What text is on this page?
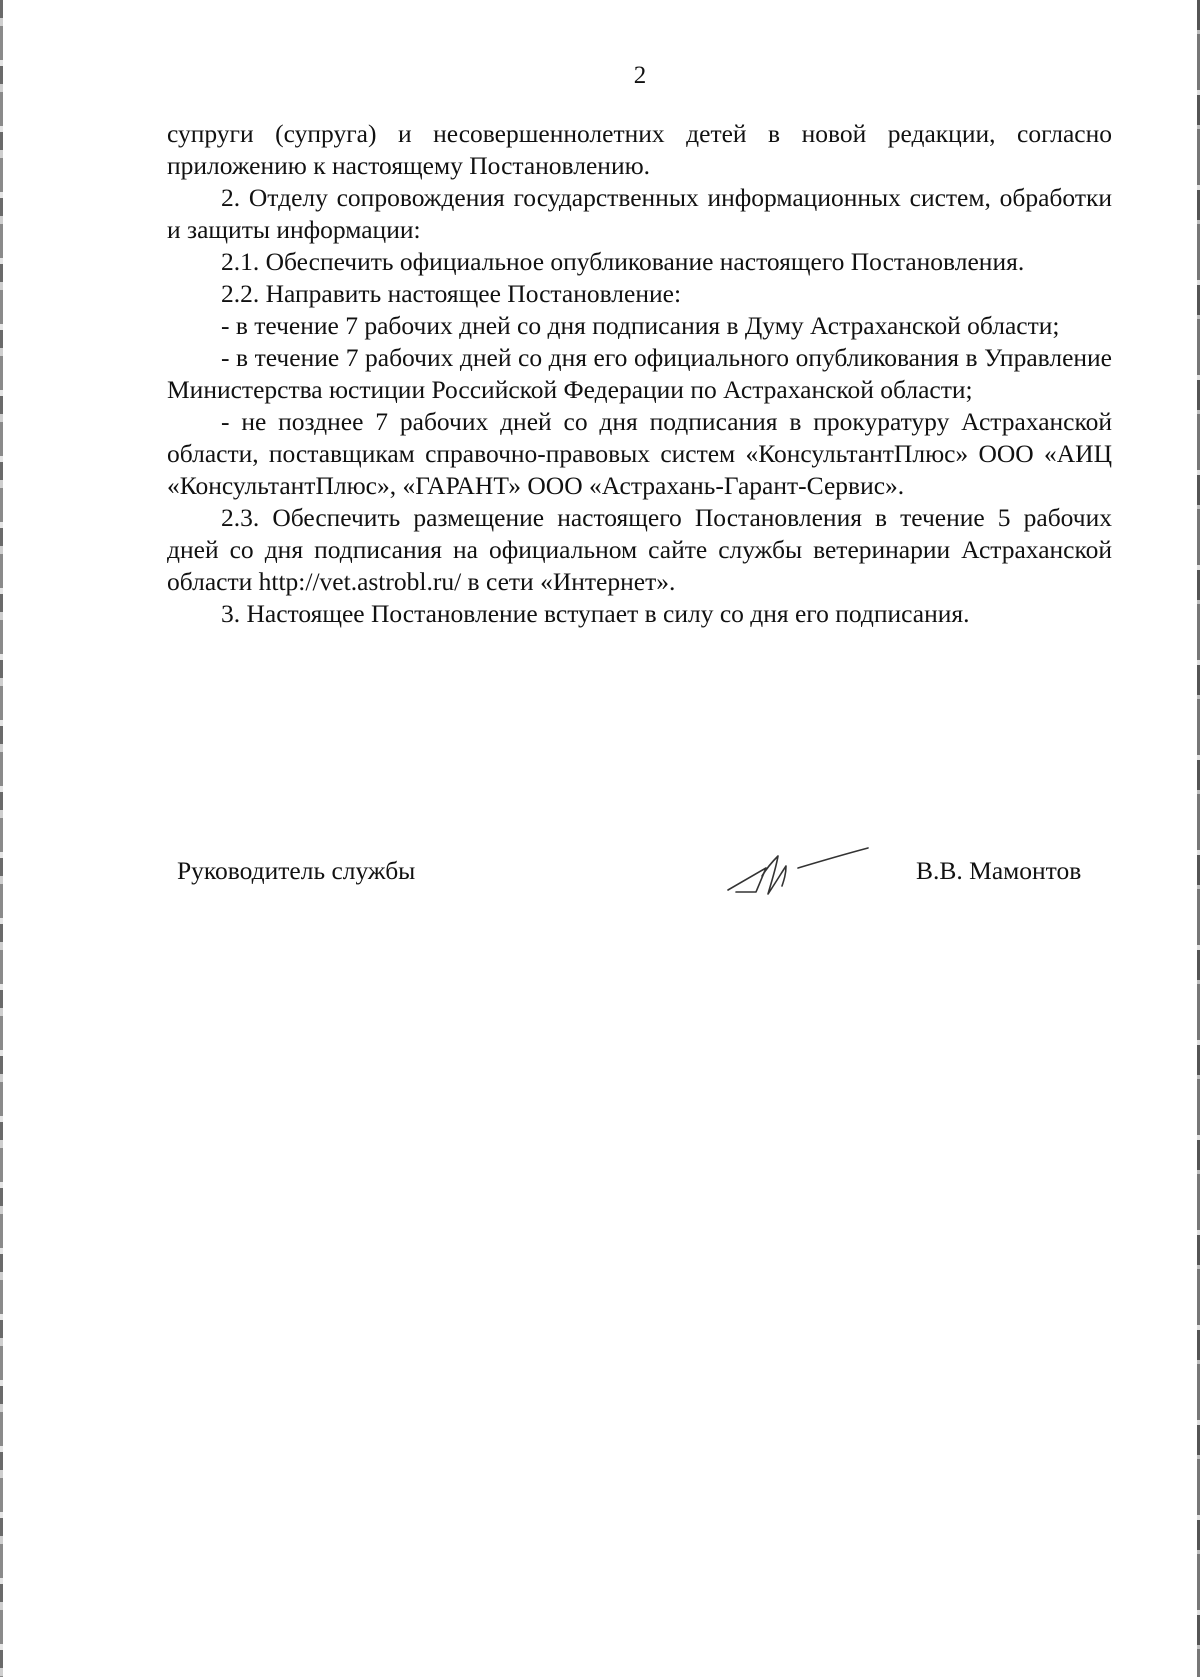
2

супруги (супруга) и несовершеннолетних детей в новой редакции, согласно приложению к настоящему Постановлению.

2. Отделу сопровождения государственных информационных систем, обработки и защиты информации:

2.1. Обеспечить официальное опубликование настоящего Постановления.

2.2. Направить настоящее Постановление:

- в течение 7 рабочих дней со дня подписания в Думу Астраханской области;

- в течение 7 рабочих дней со дня его официального опубликования в Управление Министерства юстиции Российской Федерации по Астраханской области;

- не позднее 7 рабочих дней со дня подписания в прокуратуру Астраханской области, поставщикам справочно-правовых систем «КонсультантПлюс» ООО «АИЦ «КонсультантПлюс», «ГАРАНТ» ООО «Астрахань-Гарант-Сервис».

2.3. Обеспечить размещение настоящего Постановления в течение 5 рабочих дней со дня подписания на официальном сайте службы ветеринарии Астраханской области http://vet.astrobl.ru/ в сети «Интернет».

3. Настоящее Постановление вступает в силу со дня его подписания.

Руководитель службы	В.В. Мамонтов
